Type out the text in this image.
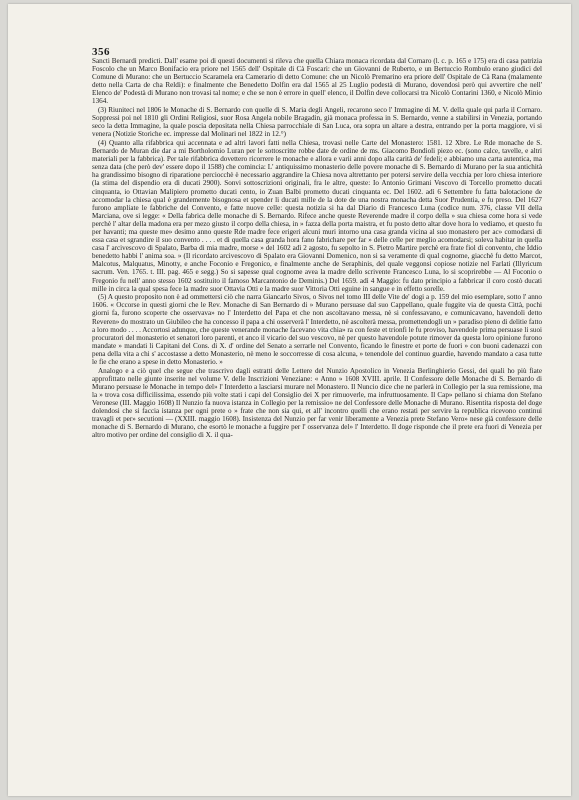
356

Sancti Bernardi predicti. Dall' esame poi di questi documenti si rileva che quella Chiara monaca ricordata dal Cornaro (l. c. p. 165 e 175) era di casa patrizia Foscolo che un Marco Bonifacio era priore nel 1565 dell' Ospitale di Cà Foscari: che un Giovanni de Ruberto, e un Bertuccio Rombulo erano giudici del Comune di Murano: che un Bertuccio Scaramela era Camerario di detto Comune: che un Nicolò Premarino era priore dell' Ospitale de Cà Rana (malamente detto nella Carta de cha Reldi): e finalmente che Benedetto Dolfin era dal 1565 al 25 Luglio podestà di Murano, dovendosi però qui avvertire che nell' Elenco de' Podestà di Murano non trovasi tal nome; e che se non è errore in quell' elenco, il Dolfin deve collocarsi tra Nicolò Contarini 1360, e Nicolò Minio 1364.

(3) Riuniteci nel 1806 le Monache di S. Bernardo con quelle di S. Maria degli Angeli, recarono seco l' Immagine di M. V. della quale qui parla il Cornaro. Soppressi poi nel 1810 gli Ordini Religiosi, suor Rosa Angela nobile Bragadin, già monaca professa in S. Bernardo, venne a stabilirsi in Venezia, portando seco la detta Immagine, la quale poscia depositata nella Chiesa parrocchiale di San Luca, ora sopra un altare a destra, entrando per la porta maggiore, vi si venera (Notizie Storiche ec. impresse dal Molinari nel 1822 in 12.°)

(4) Quanto alla rifabbrica qui accennata e ad altri lavori fatti nella Chiesa, trovasi nelle Carte del Monastero: 1581. 12 Xbre. Le Rde monache de S. Bernardo de Muran die dar a mi Bortholomio Luran per le sottoscritte robbe date de ordine de ms. Giacomo Bondioli piezo ec. (sono calce, tavelle, e altri materiali per la fabbrica). Per tale rifabbrica dovettero ricorrere le monache e allora e varii anni dopo alla carità de' fedeli; e abbiamo una carta autentica, ma senza data (che però dev' essere dopo il 1588) che comincia: L' antiquissimo monasterio delle povere monache di S. Bernardo di Murano per la sua antichità ha grandissimo bisogno di riparatione perciocchè è necessario aggrandire la Chiesa nova altrettanto per potersi servire della vecchia per loro chiesa interiore (la stima del dispendio era di ducati 2900). Sonvi sottoscrizioni originali, fra le altre, queste: Io Antonio Grimani Vescovo di Torcello prometto ducati cinquanta, io Ottavian Malipiero prometto ducati cento, io Zuan Balbi prometto ducati cinquanta ec. Del 1602. adì 6 Settembre fu fatta balotacione de accomodar la chiesa qual è grandemente bisognosa et spender li ducati mille de la dote de una nostra monacha detta Suor Prudentia, e fu preso. Del 1627 furono ampliate le fabbriche del Convento, e fatte nuove celle: questa notizia si ha dal Diario di Francesco Luna (codice num. 376, classe VII della Marciana, ove si legge: « Della fabrica delle monache di S. Bernardo. Rifece anche queste Reverende madre il corpo della » sua chiesa come hora si vede perchè l' altar della madona era per mezo giusto il corpo della chiesa, in » fazza della porta maistra, et fu posto detto altar dove hora lo vediamo, et questo fu per havanti; ma queste me» desimo anno queste Rde madre fece erigeri alcuni muri intorno una casa granda vicina al suo monastero per ac» comodarsi di essa casa et sgrandire il suo convento . . . . et di quella casa granda hora fano fabrichare per far » delle celle per meglio acomodarsi; soleva habitar in quella casa l' arcivescovo di Spalato, Barba di mia madre, morse » del 1602 adì 2 agosto, fu sepolto in S. Pietro Martire perchè era frate fiol di convento, che Iddio benedetto habbi l' anima soa. » (Il ricordato arcivescovo di Spalato era Giovanni Domenico, non si sa veramente di qual cognome, giacchè fu detto Marcot, Malcotus, Malquatus, Minotty, e anche Foconio e Fregonico, e finalmente anche de Seraphinis, del quale veggonsi copiose notizie nel Farlati (Illyricum sacrum. Ven. 1765. t. III. pag. 465 e segg.) So si sapesse qual cognome avea la madre dello scrivente Francesco Luna, lo si scoprirebbe — Al Foconio o Fregonio fu nell' anno stesso 1602 sostituito il famoso Marcantonio de Deminis.) Del 1659. adì 4 Maggio: fu dato principio a fabbricar il coro costò ducati mille in circa la qual spesa fece la madre suor Ottavia Otti e la madre suor Vittoria Otti eguine in sangue e in effetto sorelle.

(5) A questo proposito non è ad ommettersi ciò che narra Giancarlo Sivos, o Sivos nel tomo III delle Vite de' dogi a p. 159 del mio esemplare, sotto l' anno 1606. « Occorse in questi giorni che le Rev. Monache di San Bernardo di » Murano persuase dal suo Cappellano, quale fuggite via de questa Città, pochi giorni fa, furono scoperte che osservava» no l' Interdetto del Papa et che non ascoltavano messa, nè si confessavano, e comunicavano, havendoli detto Reveren» do mostrato un Giubileo che ha concesso il papa a chi osserverà l' Interdetto, nè ascolterà messa, promettendogli un » paradiso pieno di delitie fatto a loro modo . . . . Accortosi adunque, che queste venerande monache facevano vita chia» ra con feste et trionfi le fu proviso, havendole prima persuase li suoi procuratori del monasterio et senatori loro parenti, et anco il vicario del suo vescovo, nè per questo havendole potute rimover da questa loro opinione furono mandate » mandati li Capitani del Cons. di X. d' ordine del Senato a serrarle nel Convento, ficando le finestre et porte de fuori » con buoni cadenazzi con pena della vita a chi s' accostasse a detto Monasterio, nè meno le soccorresse di cosa alcuna, » tenendole del continuo guardie, havendo mandato a casa tutte le fie che erano a spese in detto Monasterio. »

Analogo e a ciò quel che segue che trascrivo dagli estratti delle Lettere del Nunzio Apostolico in Venezia Berlinghierio Gessi, dei quali ho più fiate approfittato nelle giunte inserite nel volume V. delle Inscrizioni Veneziane: « Anno » 1608 XVIII. aprile. Il Confessore delle Monache di S. Bernardo di Murano persuase le Monache in tempo del» l' Interdetto a lasciarsi murare nel Monastero. Il Nuncio dice che ne parlerà in Collegio per la sua remissione, ma la » trova cosa difficilissima, essendo più volte stati i capi del Consiglio dei X per rimuoverle, ma infruttuosamente. Il Cap» pellano si chiama don Stefano Veronese (III. Maggio 1608) Il Nunzio fa nuova istanza in Collegio per la remissio» ne del Confessore delle Monache di Murano. Risentita risposta del doge dolendosi che si faccia istanza per ogni prete o » frate che non sia qui, et all' incontro quelli che erano restati per servire la republica ricevono continui travagli et per» secutioni — (XXIII. maggio 1608). Insistenza del Nunzio per far venir liberamente a Venezia prete Stefano Vero» nese già confessore delle monache di S. Bernardo di Murano, che esortò le monache a fuggire per l' osservanza del» l' Interdetto. Il doge risponde che il prete era fuori di Venezia per altro motivo per ordine del consiglio di X. il qua-
